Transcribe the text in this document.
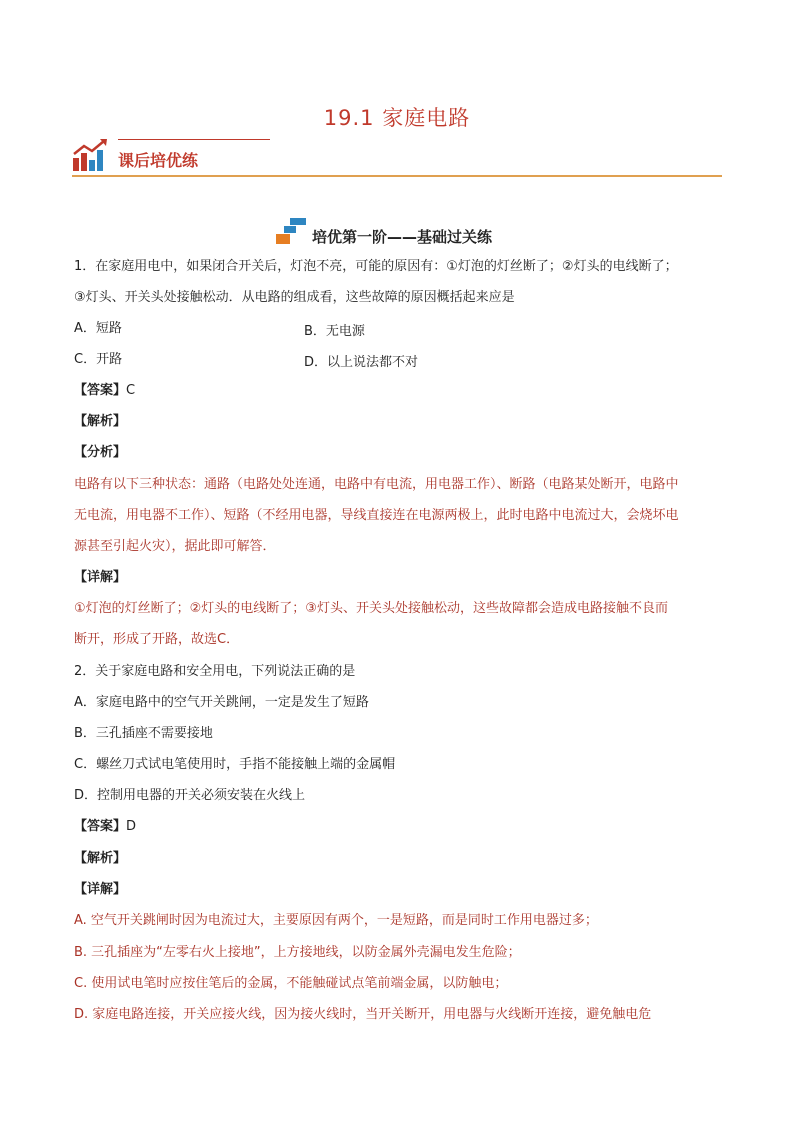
19.1 家庭电路
课后培优练
培优第一阶——基础过关练
1．在家庭用电中，如果闭合开关后，灯泡不亮，可能的原因有：①灯泡的灯丝断了；②灯头的电线断了；
③灯头、开关头处接触松动．从电路的组成看，这些故障的原因概括起来应是
A．短路	B．无电源
C．开路	D．以上说法都不对
【答案】C
【解析】
【分析】
电路有以下三种状态：通路（电路处处连通，电路中有电流，用电器工作）、断路（电路某处断开，电路中
无电流，用电器不工作）、短路（不经用电器，导线直接连在电源两极上，此时电路中电流过大，会烧坏电
源甚至引起火灾），据此即可解答．
【详解】
①灯泡的灯丝断了；②灯头的电线断了；③灯头、开关头处接触松动，这些故障都会造成电路接触不良而
断开，形成了开路，故选C．
2．关于家庭电路和安全用电，下列说法正确的是
A．家庭电路中的空气开关跳闸，一定是发生了短路
B．三孔插座不需要接地
C．螺丝刀式试电笔使用时，手指不能接触上端的金属帽
D．控制用电器的开关必须安装在火线上
【答案】D
【解析】
【详解】
A. 空气开关跳闸时因为电流过大，主要原因有两个，一是短路，而是同时工作用电器过多；
B. 三孔插座为“左零右火上接地”，上方接地线，以防金属外壳漏电发生危险；
C. 使用试电笔时应按住笔后的金属，不能触碰试点笔前端金属，以防触电；
D. 家庭电路连接，开关应接火线，因为接火线时，当开关断开，用电器与火线断开连接，避免触电危
